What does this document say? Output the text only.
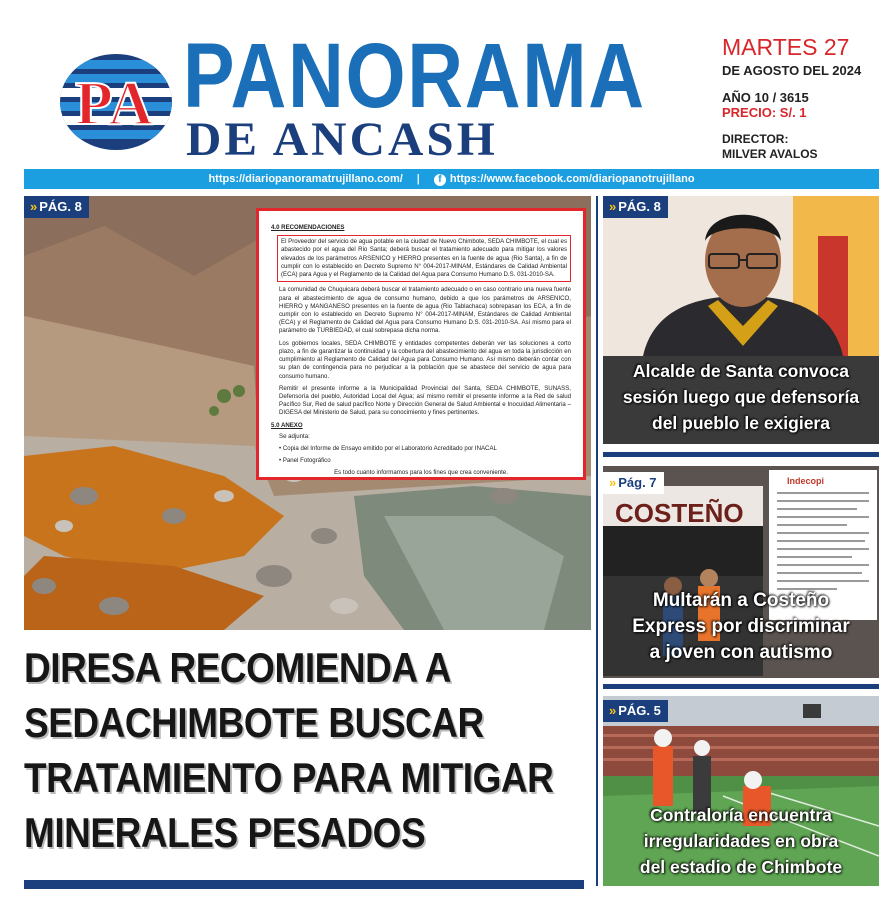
PA PANORAMA
DE ANCASH
MARTES 27
DE AGOSTO DEL 2024
AÑO 10 / 3615
PRECIO: S/. 1
DIRECTOR:
MILVER AVALOS
https://diariopanoramatrujillano.com/ |	f https://www.facebook.com/diariopanotrujillano
» PÁG. 8
4.0 RECOMENDACIONES

El Proveedor del servicio de agua potable en la ciudad de Nuevo Chimbote, SEDA CHIMBOTE, el cual es abastecido por el agua del Rio Santa; deberá buscar el tratamiento adecuado para mitigar los valores elevados de los parámetros ARSENICO y HIERRO presentes en la fuente de agua (Rio Santa), a fin de cumplir con lo establecido en Decreto Supremo N° 004-2017-MINAM, Estándares de Calidad Ambiental (ECA) para Agua y el Reglamento de la Calidad del Agua para Consumo Humano D.S. 031-2010-SA.

La comunidad de Chuquicara deberá buscar el tratamiento adecuado o en caso contrario una nueva fuente para el abastecimiento de agua de consumo humano, debido a que los parámetros de ARSENICO, HIERRO y MANGANESO presentes en la fuente de agua (Rio Tablachaca) sobrepasan los ECA, a fin de cumplir con lo establecido en Decreto Supremo N° 004-2017-MINAM, Estándares de Calidad Ambiental (ECA) y el Reglamento de Calidad del Agua para Consumo Humano D.S. 031-2010-SA. Así mismo para el parámetro de TURBIEDAD, el cual sobrepasa dicha norma.

Los gobiernos locales, SEDA CHIMBOTE y entidades competentes deberán ver las soluciones a corto plazo, a fin de garantizar la continuidad y la cobertura del abastecimiento del agua en toda la jurisdicción en cumplimiento al Reglamento de Calidad del Agua para Consumo Humano. Así mismo deberán contar con su plan de contingencia para no perjudicar a la población que se abastece del servicio de agua para consumo humano.

Remitir el presente informe a la Municipalidad Provincial del Santa, SEDA CHIMBOTE, SUNASS, Defensoría del pueblo, Autoridad Local del Agua; así mismo remitir el presente informe a la Red de salud Pacífico Sur, Red de salud pacífico Norte y Dirección General de Salud Ambiental e Inocuidad Alimentaria – DIGESA del Ministerio de Salud, para su conocimiento y fines pertinentes.

5.0 ANEXO

Se adjunta:

• Copia del Informe de Ensayo emitido por el Laboratorio Acreditado por INACAL

• Panel Fotográfico

Es todo cuanto informamos para los fines que crea conveniente.
DIRESA RECOMIENDA A
SEDACHIMBOTE BUSCAR
TRATAMIENTO PARA MITIGAR
MINERALES PESADOS
» PÁG. 8
Alcalde de Santa convoca
sesión luego que defensoría
del pueblo le exigiera
COSTEÑO
Indecopi
» Pág. 7
Multarán a Costeño
Express por discriminar
a joven con autismo
» PÁG. 5
Contraloría encuentra
irregularidades en obra
del estadio de Chimbote
